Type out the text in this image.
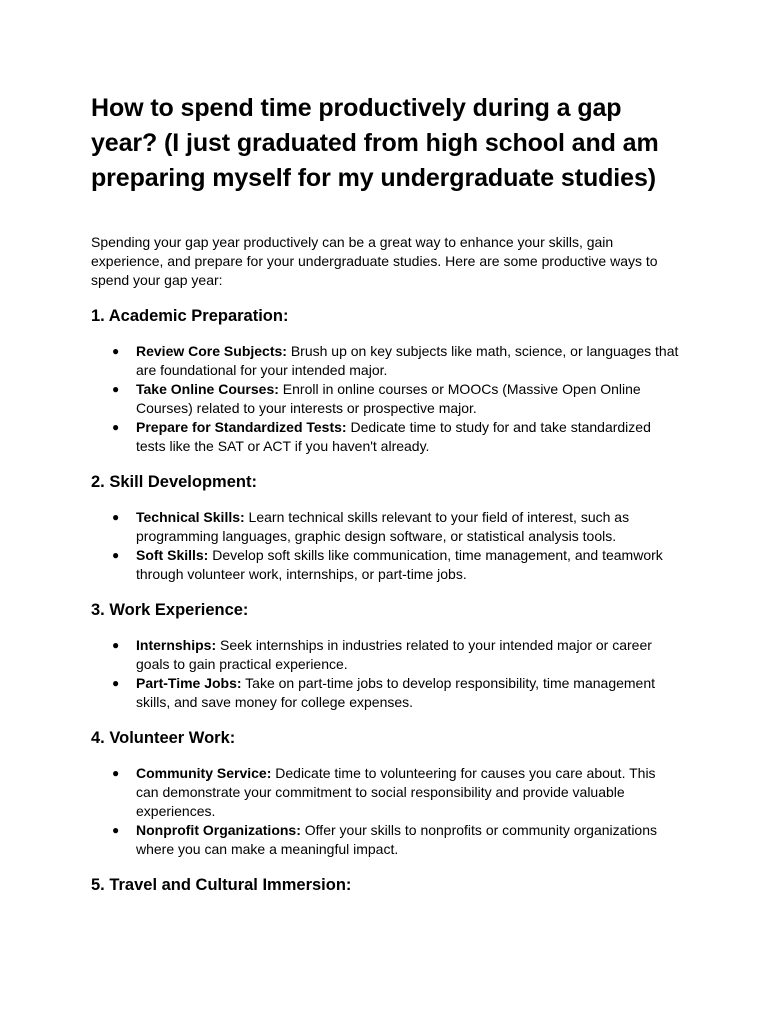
How to spend time productively during a gap year? (I just graduated from high school and am preparing myself for my undergraduate studies)

Spending your gap year productively can be a great way to enhance your skills, gain experience, and prepare for your undergraduate studies. Here are some productive ways to spend your gap year:

1. Academic Preparation:
● Review Core Subjects: Brush up on key subjects like math, science, or languages that are foundational for your intended major.
● Take Online Courses: Enroll in online courses or MOOCs (Massive Open Online Courses) related to your interests or prospective major.
● Prepare for Standardized Tests: Dedicate time to study for and take standardized tests like the SAT or ACT if you haven't already.
2. Skill Development:
● Technical Skills: Learn technical skills relevant to your field of interest, such as programming languages, graphic design software, or statistical analysis tools.
● Soft Skills: Develop soft skills like communication, time management, and teamwork through volunteer work, internships, or part-time jobs.
3. Work Experience:
● Internships: Seek internships in industries related to your intended major or career goals to gain practical experience.
● Part-Time Jobs: Take on part-time jobs to develop responsibility, time management skills, and save money for college expenses.
4. Volunteer Work:
● Community Service: Dedicate time to volunteering for causes you care about. This can demonstrate your commitment to social responsibility and provide valuable experiences.
● Nonprofit Organizations: Offer your skills to nonprofits or community organizations where you can make a meaningful impact.
5. Travel and Cultural Immersion:
